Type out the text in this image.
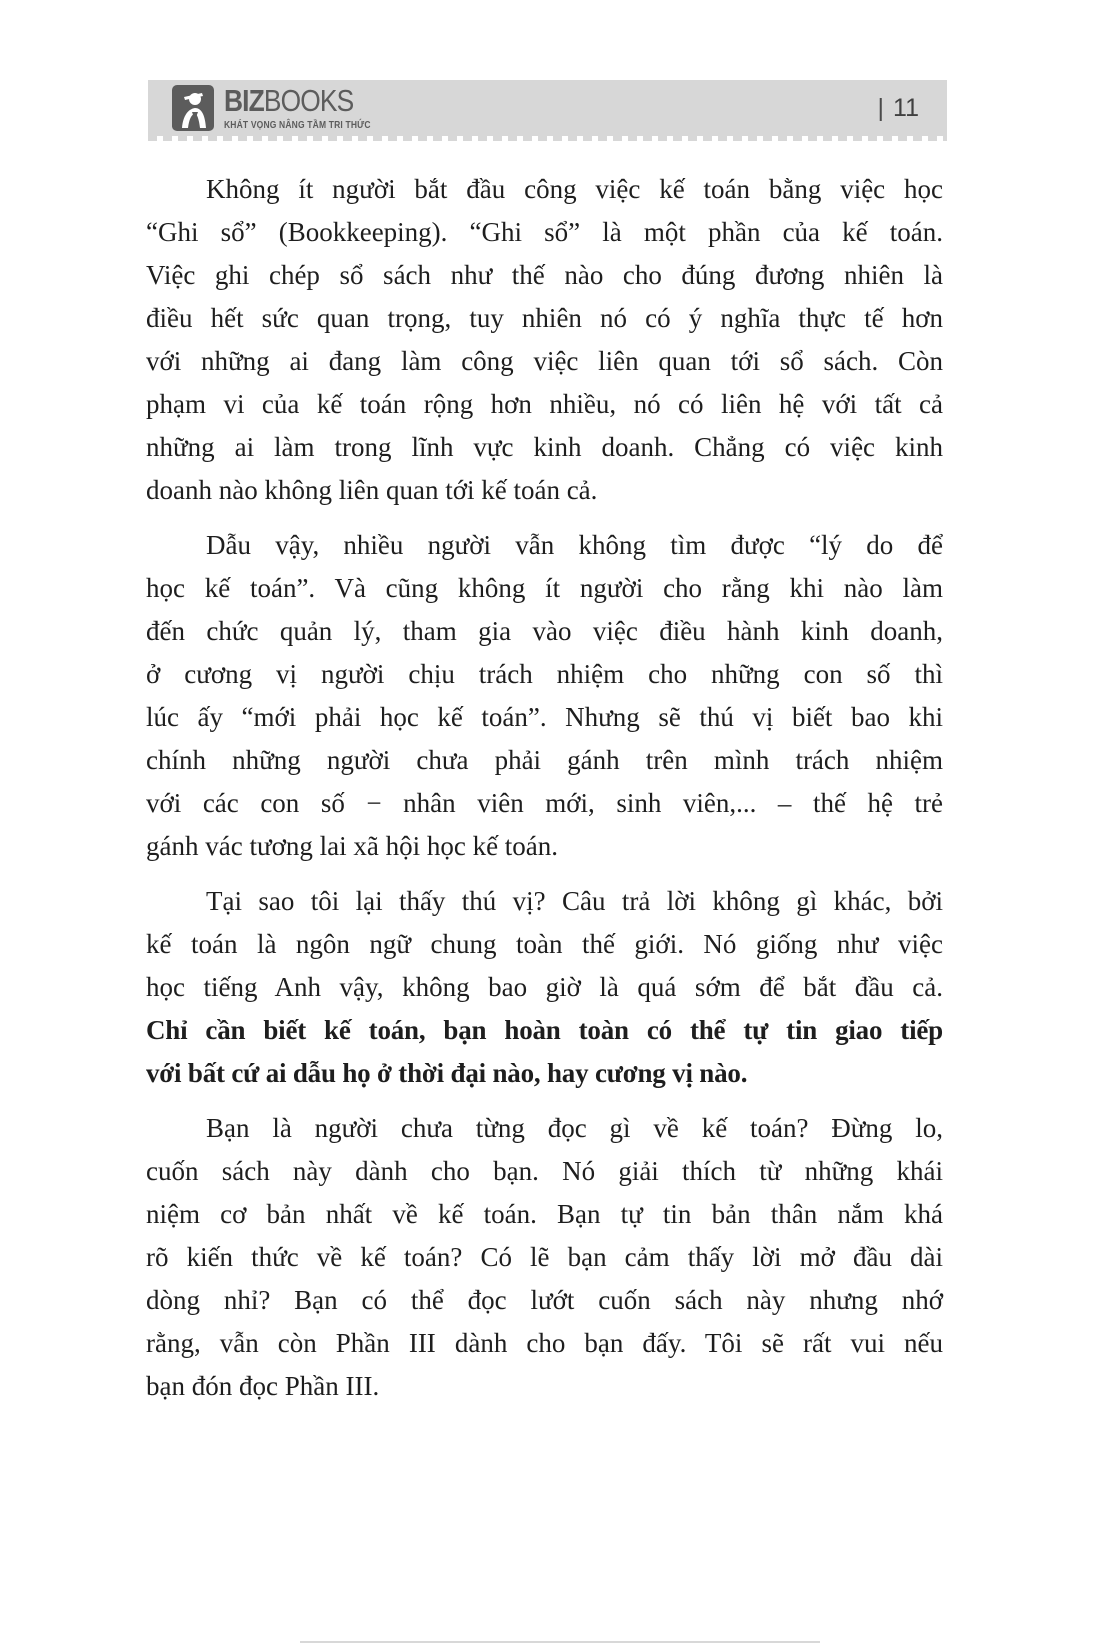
BIZBOOKS
KHÁT VỌNG NÂNG TẦM TRI THỨC
| 11
Không ít người bắt đầu công việc kế toán bằng việc học
“Ghi sổ” (Bookkeeping). “Ghi sổ” là một phần của kế toán.
Việc ghi chép sổ sách như thế nào cho đúng đương nhiên là
điều hết sức quan trọng, tuy nhiên nó có ý nghĩa thực tế hơn
với những ai đang làm công việc liên quan tới sổ sách. Còn
phạm vi của kế toán rộng hơn nhiều, nó có liên hệ với tất cả
những ai làm trong lĩnh vực kinh doanh. Chẳng có việc kinh
doanh nào không liên quan tới kế toán cả.
Dẫu vậy, nhiều người vẫn không tìm được “lý do để
học kế toán”. Và cũng không ít người cho rằng khi nào làm
đến chức quản lý, tham gia vào việc điều hành kinh doanh,
ở cương vị người chịu trách nhiệm cho những con số thì
lúc ấy “mới phải học kế toán”. Nhưng sẽ thú vị biết bao khi
chính những người chưa phải gánh trên mình trách nhiệm
với các con số − nhân viên mới, sinh viên,... – thế hệ trẻ
gánh vác tương lai xã hội học kế toán.
Tại sao tôi lại thấy thú vị? Câu trả lời không gì khác, bởi
kế toán là ngôn ngữ chung toàn thế giới. Nó giống như việc
học tiếng Anh vậy, không bao giờ là quá sớm để bắt đầu cả.
Chỉ cần biết kế toán, bạn hoàn toàn có thể tự tin giao tiếp
với bất cứ ai dẫu họ ở thời đại nào, hay cương vị nào.
Bạn là người chưa từng đọc gì về kế toán? Đừng lo,
cuốn sách này dành cho bạn. Nó giải thích từ những khái
niệm cơ bản nhất về kế toán. Bạn tự tin bản thân nắm khá
rõ kiến thức về kế toán? Có lẽ bạn cảm thấy lời mở đầu dài
dòng nhỉ? Bạn có thể đọc lướt cuốn sách này nhưng nhớ
rằng, vẫn còn Phần III dành cho bạn đấy. Tôi sẽ rất vui nếu
bạn đón đọc Phần III.
